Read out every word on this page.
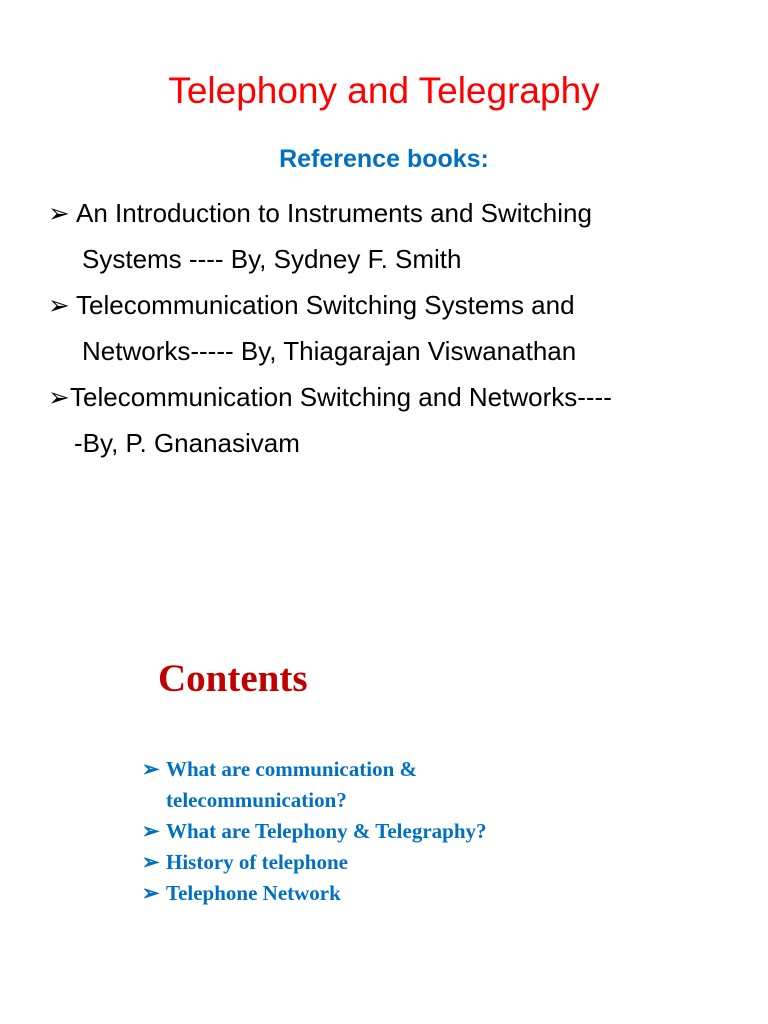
Telephony and Telegraphy
Reference books:
➢ An Introduction to Instruments and Switching
Systems ---- By, Sydney F. Smith
➢ Telecommunication Switching Systems and
Networks----- By, Thiagarajan Viswanathan
➢Telecommunication Switching and Networks----
-By, P. Gnanasivam
Contents
➢ What are communication &
telecommunication?
➢ What are Telephony & Telegraphy?
➢ History of telephone
➢ Telephone Network
